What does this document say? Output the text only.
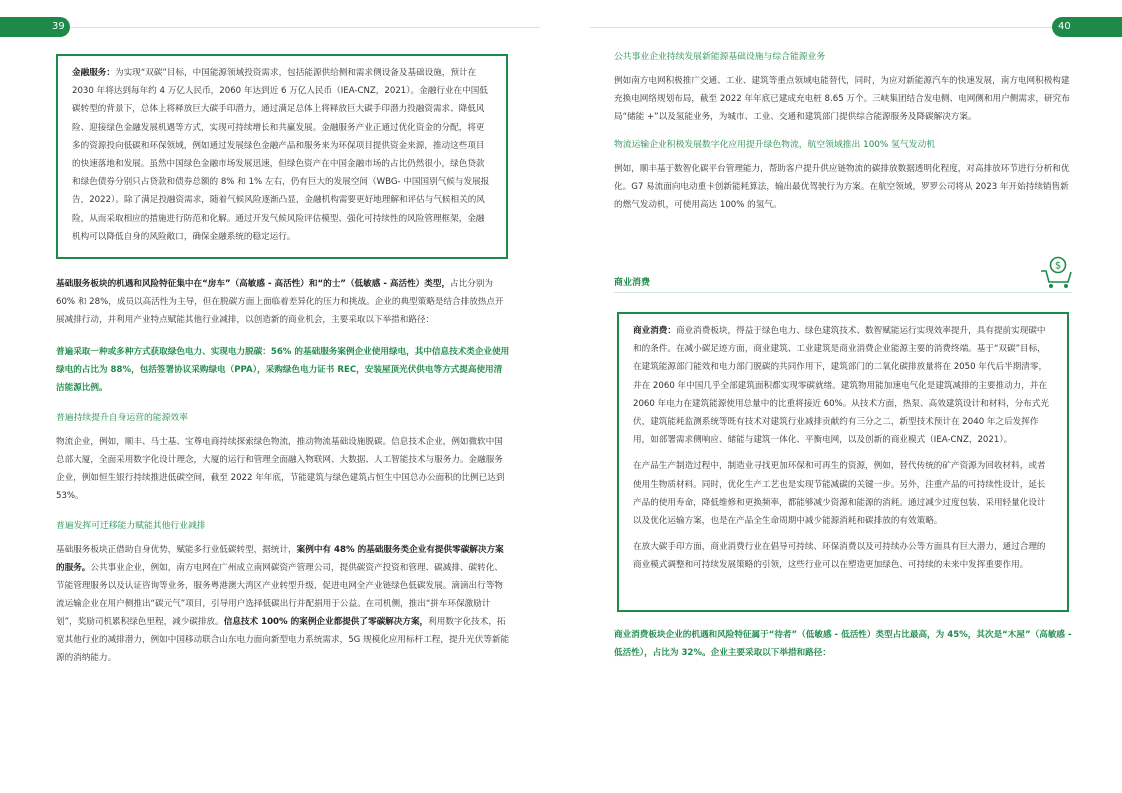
39	40

金融服务：为实现“双碳”目标，中国能源领域投资需求，包括能源供给侧和需求侧设备及基础设施，预计在 2030 年将达到每年约 4 万亿人民币，2060 年达到近 6 万亿人民币（IEA-CNZ，2021）。金融行业在中国低碳转型的背景下，总体上将释放巨大碳手印潜力，通过满足总体上将释放巨大碳手印潜力投融资需求、降低风险、迎接绿色金融发展机遇等方式，实现可持续增长和共赢发展。金融服务产业正通过优化资金的分配，将更多的资源投向低碳和环保领域，例如通过发展绿色金融产品和服务来为环保项目提供资金来源，推动这些项目的快速落地和发展。虽然中国绿色金融市场发展迅速，但绿色资产在中国金融市场的占比仍然很小，绿色贷款和绿色债券分别只占贷款和债券总额的 8% 和 1% 左右，仍有巨大的发展空间（WBG- 中国国别气候与发展报告，2022）。除了满足投融资需求，随着气候风险逐渐凸显，金融机构需要更好地理解和评估与气候相关的风险，从而采取相应的措施进行防范和化解。通过开发气候风险评估模型、强化可持续性的风险管理框架，金融机构可以降低自身的风险敞口，确保金融系统的稳定运行。

基础服务板块的机遇和风险特征集中在“房车”（高敏感 - 高活性）和“的士”（低敏感 - 高活性）类型，占比分别为 60% 和 28%，成员以高活性为主导，但在脱碳方面上面临着差异化的压力和挑战。企业的典型策略是结合排放热点开展减排行动，并利用产业特点赋能其他行业减排，以创造新的商业机会，主要采取以下举措和路径：

普遍采取一种或多种方式获取绿色电力、实现电力脱碳：56% 的基础服务案例企业使用绿电，其中信息技术类企业使用绿电的占比为 88%，包括签署协议采购绿电（PPA），采购绿色电力证书 REC，安装屋顶光伏供电等方式提高使用清洁能源比例。

普遍持续提升自身运营的能源效率

物流企业，例如，顺丰、马士基、宝尊电商持续探索绿色物流，推动物流基础设施脱碳。信息技术企业，例如微软中国总部大厦，全面采用数字化设计理念，大厦的运行和管理全面融入物联网、大数据、人工智能技术与服务力。金融服务企业，例如恒生银行持续推进低碳空间，截至 2022 年年底，节能建筑与绿色建筑占恒生中国总办公面积的比例已达到 53%。

普遍发挥可迁移能力赋能其他行业减排

基础服务板块正借助自身优势，赋能多行业低碳转型，据统计，案例中有 48% 的基础服务类企业有提供零碳解决方案的服务。公共事业企业，例如，南方电网在广州成立南网碳资产管理公司，提供碳资产投资和管理、碳减排、碳转化、节能管理服务以及认证咨询等业务，服务粤港澳大湾区产业转型升级，促进电网全产业链绿色低碳发展。滴滴出行等物流运输企业在用户侧推出“碳元气”项目，引导用户选择低碳出行并配捐用于公益。在司机侧，推出“拼车环保激励计划”，奖励司机累积绿色里程，减少碳排放。信息技术 100% 的案例企业都提供了零碳解决方案，利用数字化技术，拓宽其他行业的减排潜力，例如中国移动联合山东电力面向新型电力系统需求，5G 规模化应用标杆工程，提升光伏等新能源的消纳能力。

公共事业企业持续发展新能源基础设施与综合能源业务

例如南方电网积极推广交通、工业、建筑等重点领域电能替代，同时，为应对新能源汽车的快速发展，南方电网积极构建充换电网络规划布局，截至 2022 年年底已建成充电桩 8.65 万个。三峡集团结合发电侧、电网侧和用户侧需求，研究布局“储能 +”以及氢能业务，为城市、工业、交通和建筑部门提供综合能源服务及降碳解决方案。

物流运输企业积极发展数字化应用提升绿色物流，航空领域推出 100% 氢气发动机

例如，顺丰基于数智化碳平台管理能力，帮助客户提升供应链物流的碳排放数据透明化程度，对高排放环节进行分析和优化。G7 易流面向电动重卡创新能耗算法，输出最优驾驶行为方案。在航空领域，罗罗公司将从 2023 年开始持续销售新的燃气发动机，可使用高达 100% 的氢气。

商业消费
$

商业消费：商业消费板块，得益于绿色电力、绿色建筑技术、数智赋能运行实现效率提升，具有提前实现碳中和的条件。在减小碳足迹方面，商业建筑、工业建筑是商业消费企业能源主要的消费终端。基于“双碳”目标，在建筑能源部门能效和电力部门脱碳的共同作用下，建筑部门的二氧化碳排放量将在 2050 年代后半期清零，并在 2060 年中国几乎全部建筑面积都实现零碳就绪。建筑物用能加速电气化是建筑减排的主要推动力，并在 2060 年电力在建筑能源使用总量中的比重将接近 60%。从技术方面，热泵、高效建筑设计和材料，分布式光伏，建筑能耗监测系统等既有技术对建筑行业减排贡献约有三分之二，新型技术预计在 2040 年之后发挥作用，如部署需求侧响应、储能与建筑一体化、平衡电网，以及创新的商业模式（IEA-CNZ，2021）。

在产品生产制造过程中，制造业寻找更加环保和可再生的资源，例如，替代传统的矿产资源为回收材料，或者使用生物质材料。同时，优化生产工艺也是实现节能减碳的关键一步。另外，注重产品的可持续性设计，延长产品的使用寿命，降低维修和更换频率，都能够减少资源和能源的消耗。通过减少过度包装、采用轻量化设计以及优化运输方案，也是在产品全生命周期中减少能源消耗和碳排放的有效策略。

在放大碳手印方面，商业消费行业在倡导可持续、环保消费以及可持续办公等方面具有巨大潜力，通过合理的商业模式调整和可持续发展策略的引领，这些行业可以在塑造更加绿色、可持续的未来中发挥重要作用。

商业消费板块企业的机遇和风险特征属于“待者”（低敏感 - 低活性）类型占比最高，为 45%，其次是“木屋”（高敏感 - 低活性），占比为 32%。企业主要采取以下举措和路径：
